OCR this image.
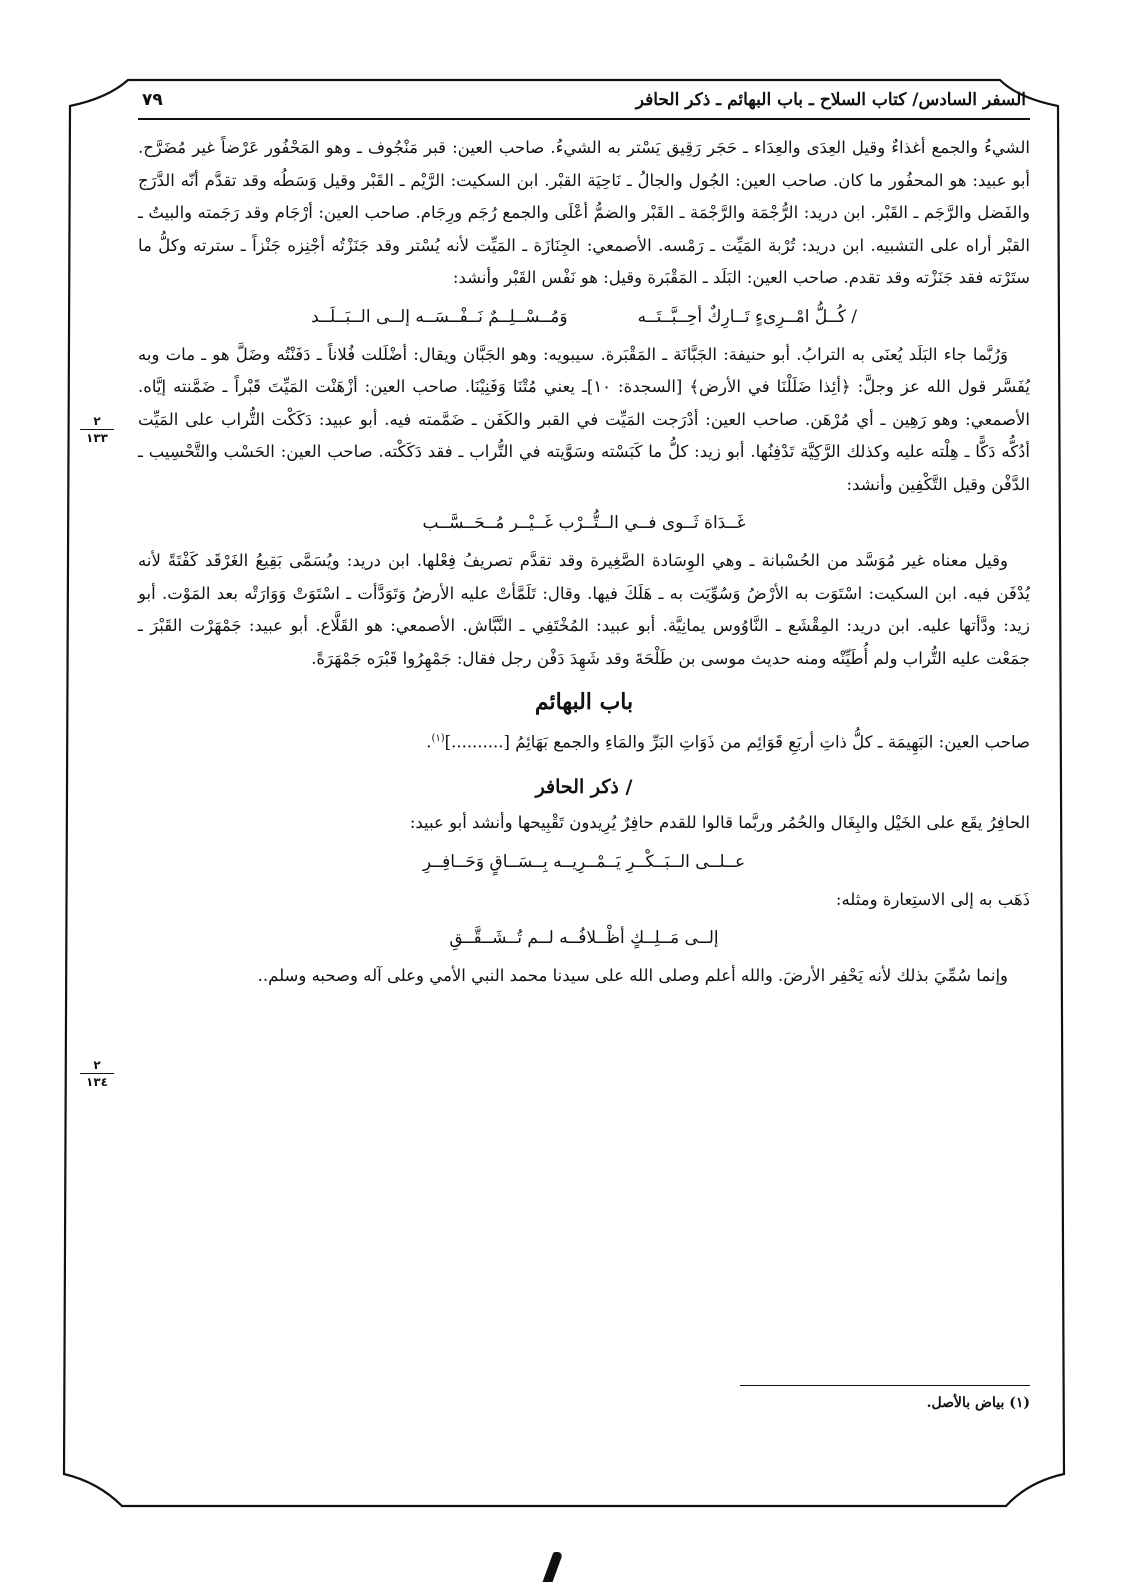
٢
١٣٣
٢
١٣٤
السفر السادس/ كتاب السلاح ـ باب البهائم ـ ذكر الحافر
٧٩

الشيءُ والجمع أغذاءٌ وقيل العِدَى والعِدَاء ـ حَجَر رَقِيق يَسْتر به الشيءُ. صاحب العين: قبر مَنْجُوف ـ وهو المَحْفُور عَرْضاً غير مُضَرَّح. أبو عبيد: هو المحفُور ما كان. صاحب العين: الجُول والجالُ ـ نَاحِيَة القبْر. ابن السكيت: الرَّيْم ـ القَبْر وقيل وَسَطُه وقد تقدَّم أنّه الدَّرَج والفَضل والرَّجَم ـ القَبْر. ابن دريد: الرُّجْمَة والرَّجْمَة ـ القَبْر والضمُّ أعْلَى والجمع رُجَم ورِجَام. صاحب العين: أرْجَام وقد رَجَمته والبيتُ ـ القبْر أراه على التشبيه. ابن دريد: تُرْبة المَيِّت ـ رَمْسه. الأصمعي: الجِنَازَة ـ المَيِّت لأنه يُسْتر وقد جَنَزْتُه أجْنِزه جَنْزاً ـ سترته وكلُّ ما ستَرْته فقد جَنَزْته وقد تقدم. صاحب العين: البَلَد ـ المَقْبَرة وقيل: هو نَفْس القَبْر وأنشد:

/ كُــلُّ امْــرِىءٍ تَــارِكٌ أحِــبَّــتَــه
وَمُــسْــلِــمٌ نَــفْــسَــه إلــى الــبَــلَــد

وَرُبَّما جاء البَلَد يُعنَى به الترابُ. أبو حنيفة: الجَبَّانَة ـ المَقْبَرة. سيبويه: وهو الجَبَّان ويقال: أضْلَلت فُلاناً ـ دَفَنْتُه وضَلَّ هو ـ مات وبه يُفَسَّر قول الله عز وجلَّ: ﴿أئِذا ضَلَلْنَا في الأرض﴾ [السجدة: ١٠]ـ يعني مُتْنَا وَفَنِيْنَا. صاحب العين: أزْهَنْت المَيِّتَ قَبْراً ـ ضَمَّنته إيَّاه. الأصمعي: وهو رَهِين ـ أي مُرْهَن. صاحب العين: أدْرَجت المَيِّت في القبر والكَفَن ـ ضَمَّمته فيه. أبو عبيد: دَكَكْت التُّراب على المَيِّت أدُكُّه دَكًّا ـ هِلْته عليه وكذلك الرَّكِيَّة تَدْفِنُها. أبو زيد: كلُّ ما كَبَسْته وسَوَّيته في التُّراب ـ فقد دَكَكْته. صاحب العين: الحَسْب والتَّحْسِيب ـ الدَّفْن وقيل التَّكْفِين وأنشد:

غَــدَاة ثَــوى فــي الــتُّــرْب غَــيْــر مُــحَــسَّــب

وقيل معناه غير مُوَسَّد من الحُسْبانة ـ وهي الوِسَادة الصَّغِيرة وقد تقدَّم تصريفُ فِعْلها. ابن دريد: ويُسَمَّى بَقِيعُ الغَرْقَد كَفْتَةً لأنه يُدْفَن فيه. ابن السكيت: اسْتَوَت به الأرْضُ وَسُوِّيَت به ـ هَلَكَ فيها. وقال: تَلَمَّأتْ عليه الأرضُ وَتَوَدَّأت ـ اسْتَوَتْ وَوَارَتْه بعد المَوْت. أبو زيد: ودَّأتها عليه. ابن دريد: المِقْشَع ـ النَّاوُوس يمانِيَّة. أبو عبيد: المُخْتَفِي ـ النَّبَّاش. الأصمعي: هو القَلَّاع. أبو عبيد: جَمْهَرْت القَبْرَ ـ جمَعْت عليه التُّراب ولم أُطَيِّنْه ومنه حديث موسى بن طَلْحَةَ وقد شَهِدَ دَفْن رجل فقال: جَمْهِرُوا قَبْرَه جَمْهَرَةً.

باب البهائم

صاحب العين: البَهِيمَة ـ كلُّ ذاتِ أربَعِ قَوَائِم من ذَوَاتِ البَرِّ والمَاءِ والجمع بَهَائِمُ [..........]$^{(١)}$.

/ ذكر الحافر

الحافِرُ يقَع على الخَيْل والبِغَال والحُمُر وربَّما قالوا للقدم حافِرٌ يُرِيدون تَقْبِيحها وأنشد أبو عبيد:

عــلــى الــبَــكْــرِ يَــمْــرِيــه بِــسَــاقٍ وَحَــافِــرِ

ذَهَب به إلى الاستِعارة ومثله:

إلــى مَــلِــكٍ أظْــلافُــه لــم تُــشَــقَّــقِ

وإنما سُمِّيَ بذلك لأنه يَحْفِر الأرضَ. والله أعلم وصلى الله على سيدنا محمد النبي الأمي وعلى آله وصحبه وسلم..

(١) بياض بالأصل.
